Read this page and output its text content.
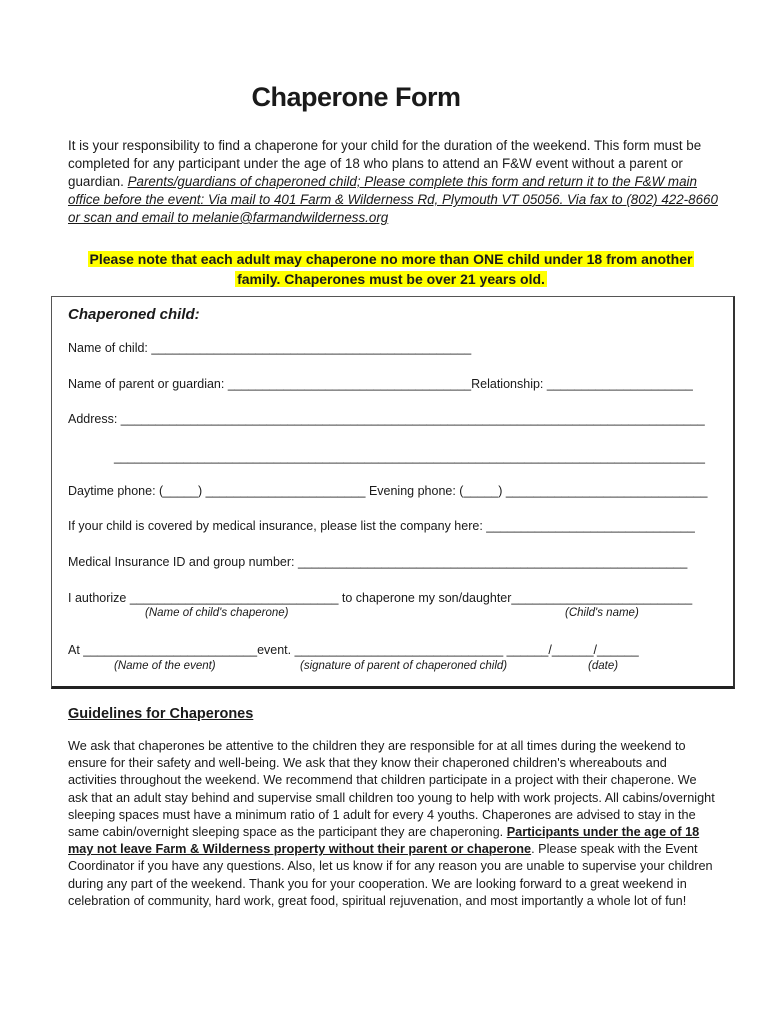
Chaperone Form
It is your responsibility to find a chaperone for your child for the duration of the weekend. This form must be completed for any participant under the age of 18 who plans to attend an F&W event without a parent or guardian. Parents/guardians of chaperoned child; Please complete this form and return it to the F&W main office before the event: Via mail to 401 Farm & Wilderness Rd, Plymouth VT 05056. Via fax to (802) 422-8660 or scan and email to melanie@farmandwilderness.org
Please note that each adult may chaperone no more than ONE child under 18 from another
family. Chaperones must be over 21 years old.
Chaperoned child:
Name of child: ______________________________________________
Name of parent or guardian: ___________________________________Relationship: _____________________
Address: ____________________________________________________________________________________
_____________________________________________________________________________________
Daytime phone: (_____) _______________________ Evening phone: (_____) _____________________________
If your child is covered by medical insurance, please list the company here: ______________________________
Medical Insurance ID and group number: ________________________________________________________
I authorize ______________________________ to chaperone my son/daughter__________________________
(Name of child's chaperone)	(Child's name)
At _________________________event. ______________________________ ______/______/______
(Name of the event)	(signature of parent of chaperoned child)	(date)
Guidelines for Chaperones
We ask that chaperones be attentive to the children they are responsible for at all times during the weekend to ensure for their safety and well-being. We ask that they know their chaperoned children's whereabouts and activities throughout the weekend. We recommend that children participate in a project with their chaperone. We ask that an adult stay behind and supervise small children too young to help with work projects. All cabins/overnight sleeping spaces must have a minimum ratio of 1 adult for every 4 youths. Chaperones are advised to stay in the same cabin/overnight sleeping space as the participant they are chaperoning. Participants under the age of 18 may not leave Farm & Wilderness property without their parent or chaperone. Please speak with the Event Coordinator if you have any questions. Also, let us know if for any reason you are unable to supervise your children during any part of the weekend. Thank you for your cooperation. We are looking forward to a great weekend in celebration of community, hard work, great food, spiritual rejuvenation, and most importantly a whole lot of fun!
